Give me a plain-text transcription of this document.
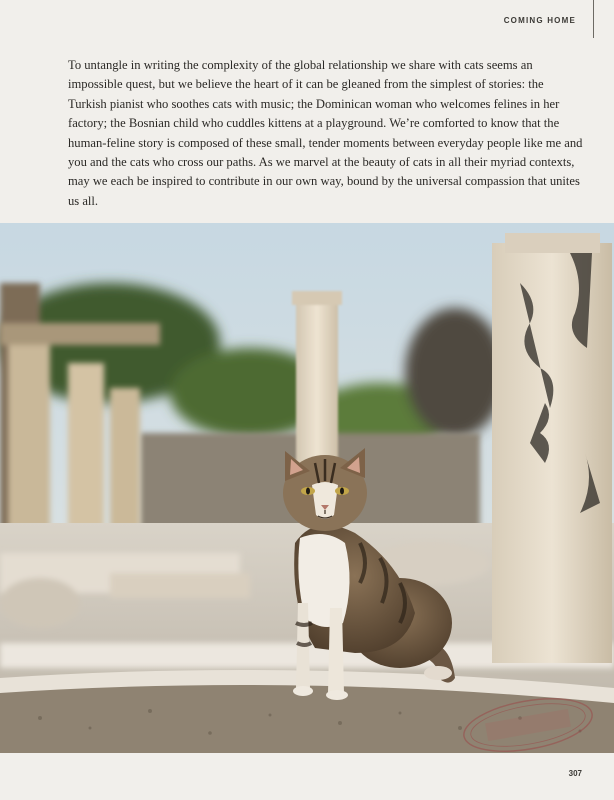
COMING HOME

To untangle in writing the complexity of the global relationship we share with cats seems an impossible quest, but we believe the heart of it can be gleaned from the simplest of stories: the Turkish pianist who soothes cats with music; the Dominican woman who welcomes felines in her factory; the Bosnian child who cuddles kittens at a playground. We’re comforted to know that the human-feline story is composed of these small, tender moments between everyday people like me and you and the cats who cross our paths. As we marvel at the beauty of cats in all their myriad contexts, may we each be inspired to contribute in our own way, bound by the universal compassion that unites us all.

307
